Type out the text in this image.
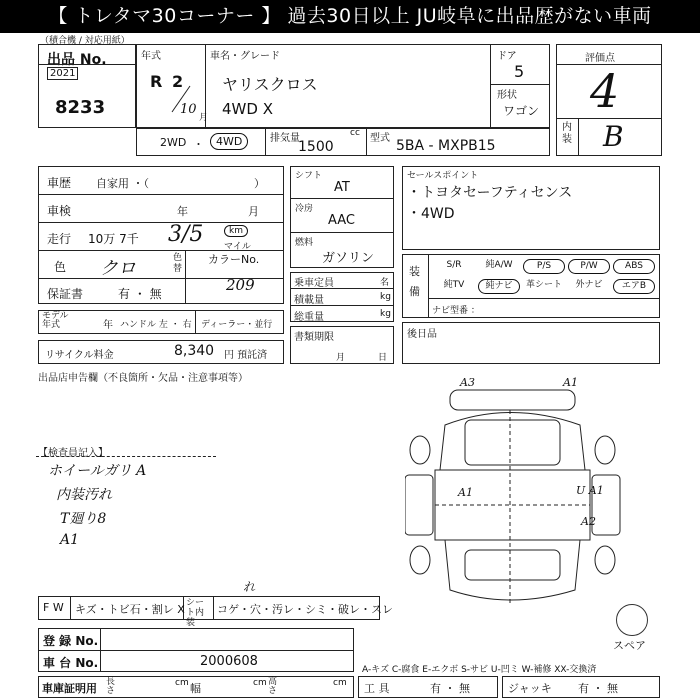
【 トレタマ30コーナー 】 過去30日以上 JU岐阜に出品歴がない車両
（積合機 / 対応用紙）
出品 No.
2021
8233
年式
R 2
10
月
車名・グレード
ヤリスクロス
4WD X
ドア
5
形状
ワゴン
評価点
4
内装 B
2WD ・	4WD	排気量	cc
1500
型式 5BA - MXPB15
車歴 自家用 ・（	）
車検	年	月
走行 10万 7千 3/5	km
マイル
色 クロ	色替
カラーNo.
209
保証書	有 ・ 無
モデル年式	年 ハンドル 左 ・ 右 ディーラー・並行
リサイクル料金	8,340 円 預託済
シフト
AT
冷房
AAC
燃料
ガソリン
乗車定員	名
積載量	kg
総重量	kg
書類期限
月	日
セールスポイント
・トヨタセーフティセンス
・4WD
装備
S/R	純A/W	P/S	P/W	ABS
純TV	純ナビ	革シート	外ナビ	エアB
ナビ型番 ：
後日品
出品店申告欄（不良箇所・欠品・注意事項等）
【検査員記入】
ホイールガリ A
内装汚れ
T廻り8
A1
A3	A1
A1	U A1
A2
F W キズ・トビ石・割レ X シート内装
コゲ・穴・汚レ・シミ・破レ・スレ
れ
スペア
登 録 No.
車 台 No.	2000608
A-キズ C-腐食 E-エクボ S-サビ U-凹ミ W-補修 XX-交換済
車庫証明用 長さ
cm 幅	cm 高さ
cm 工 具	有 ・ 無	ジャッキ 有 ・ 無
